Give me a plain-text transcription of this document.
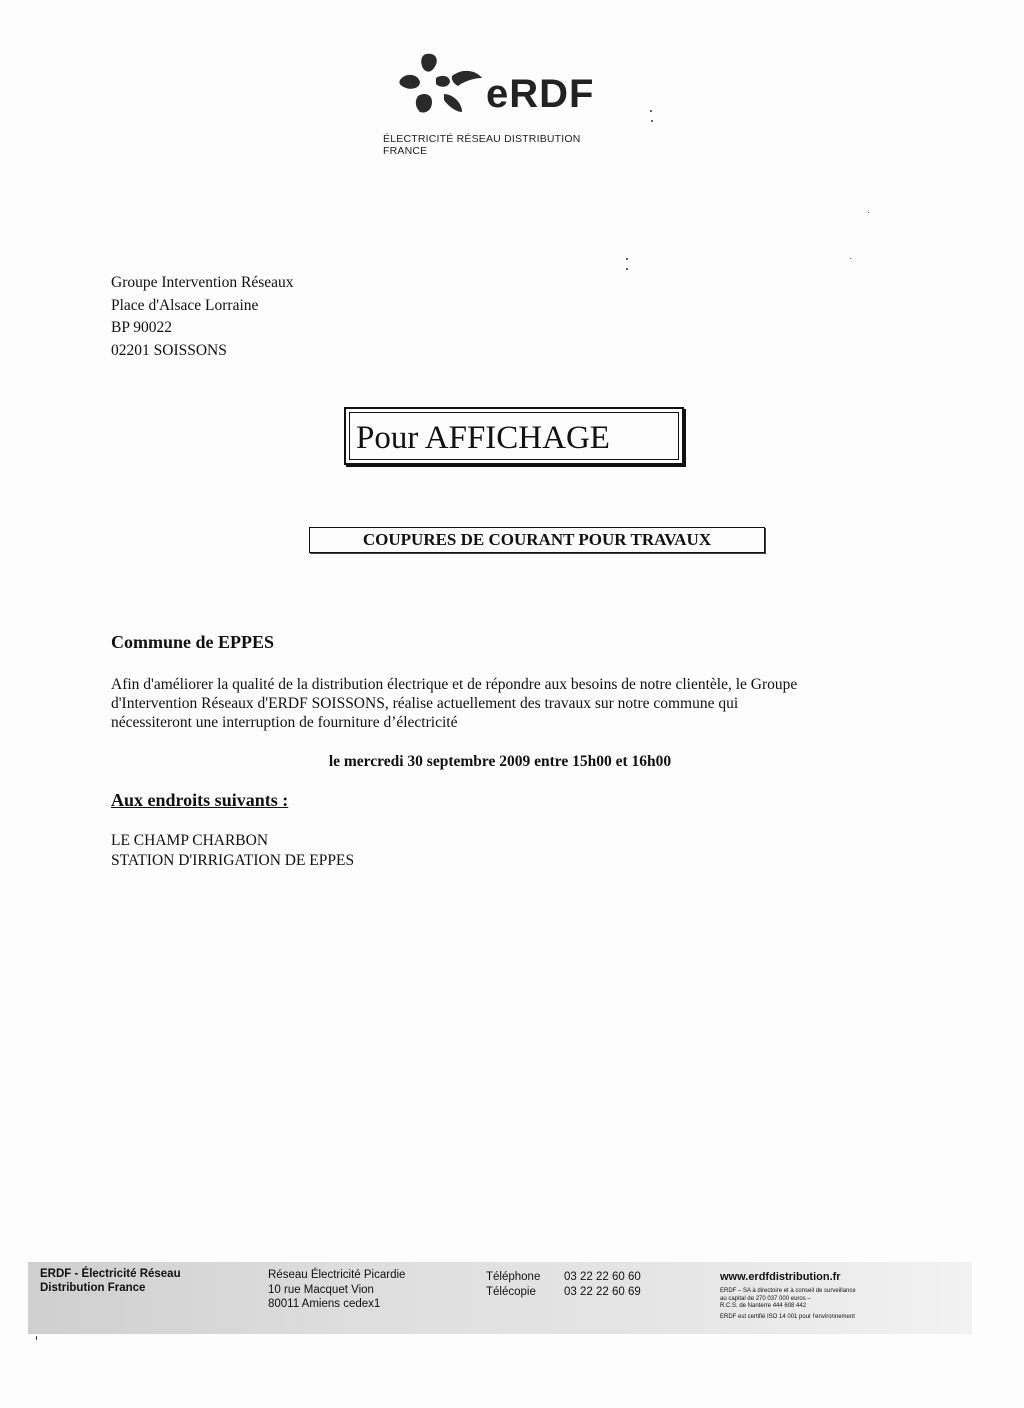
eRDF
ÉLECTRICITÉ RÉSEAU DISTRIBUTION FRANCE
Groupe Intervention Réseaux
Place d'Alsace Lorraine
BP 90022
02201 SOISSONS
Pour AFFICHAGE
COUPURES DE COURANT POUR TRAVAUX
Commune de EPPES
Afin d'améliorer la qualité de la distribution électrique et de répondre aux besoins de notre clientèle, le Groupe
d'Intervention Réseaux d'ERDF SOISSONS, réalise actuellement des travaux sur notre commune qui
nécessiteront une interruption de fourniture d’électricité
le mercredi 30 septembre 2009 entre 15h00 et 16h00
Aux endroits suivants :
LE CHAMP CHARBON
STATION D'IRRIGATION DE EPPES
ERDF - Électricité Réseau
Distribution France
Réseau Électricité Picardie
10 rue Macquet Vion
80011 Amiens cedex1
Téléphone 03 22 22 60 60
Télécopie 03 22 22 60 69
www.erdfdistribution.fr
ERDF – SA à directoire et à conseil de surveillance
au capital de 270 037 000 euros –
R.C.S. de Nanterre 444 608 442
ERDF est certifié ISO 14 001 pour l'environnement
